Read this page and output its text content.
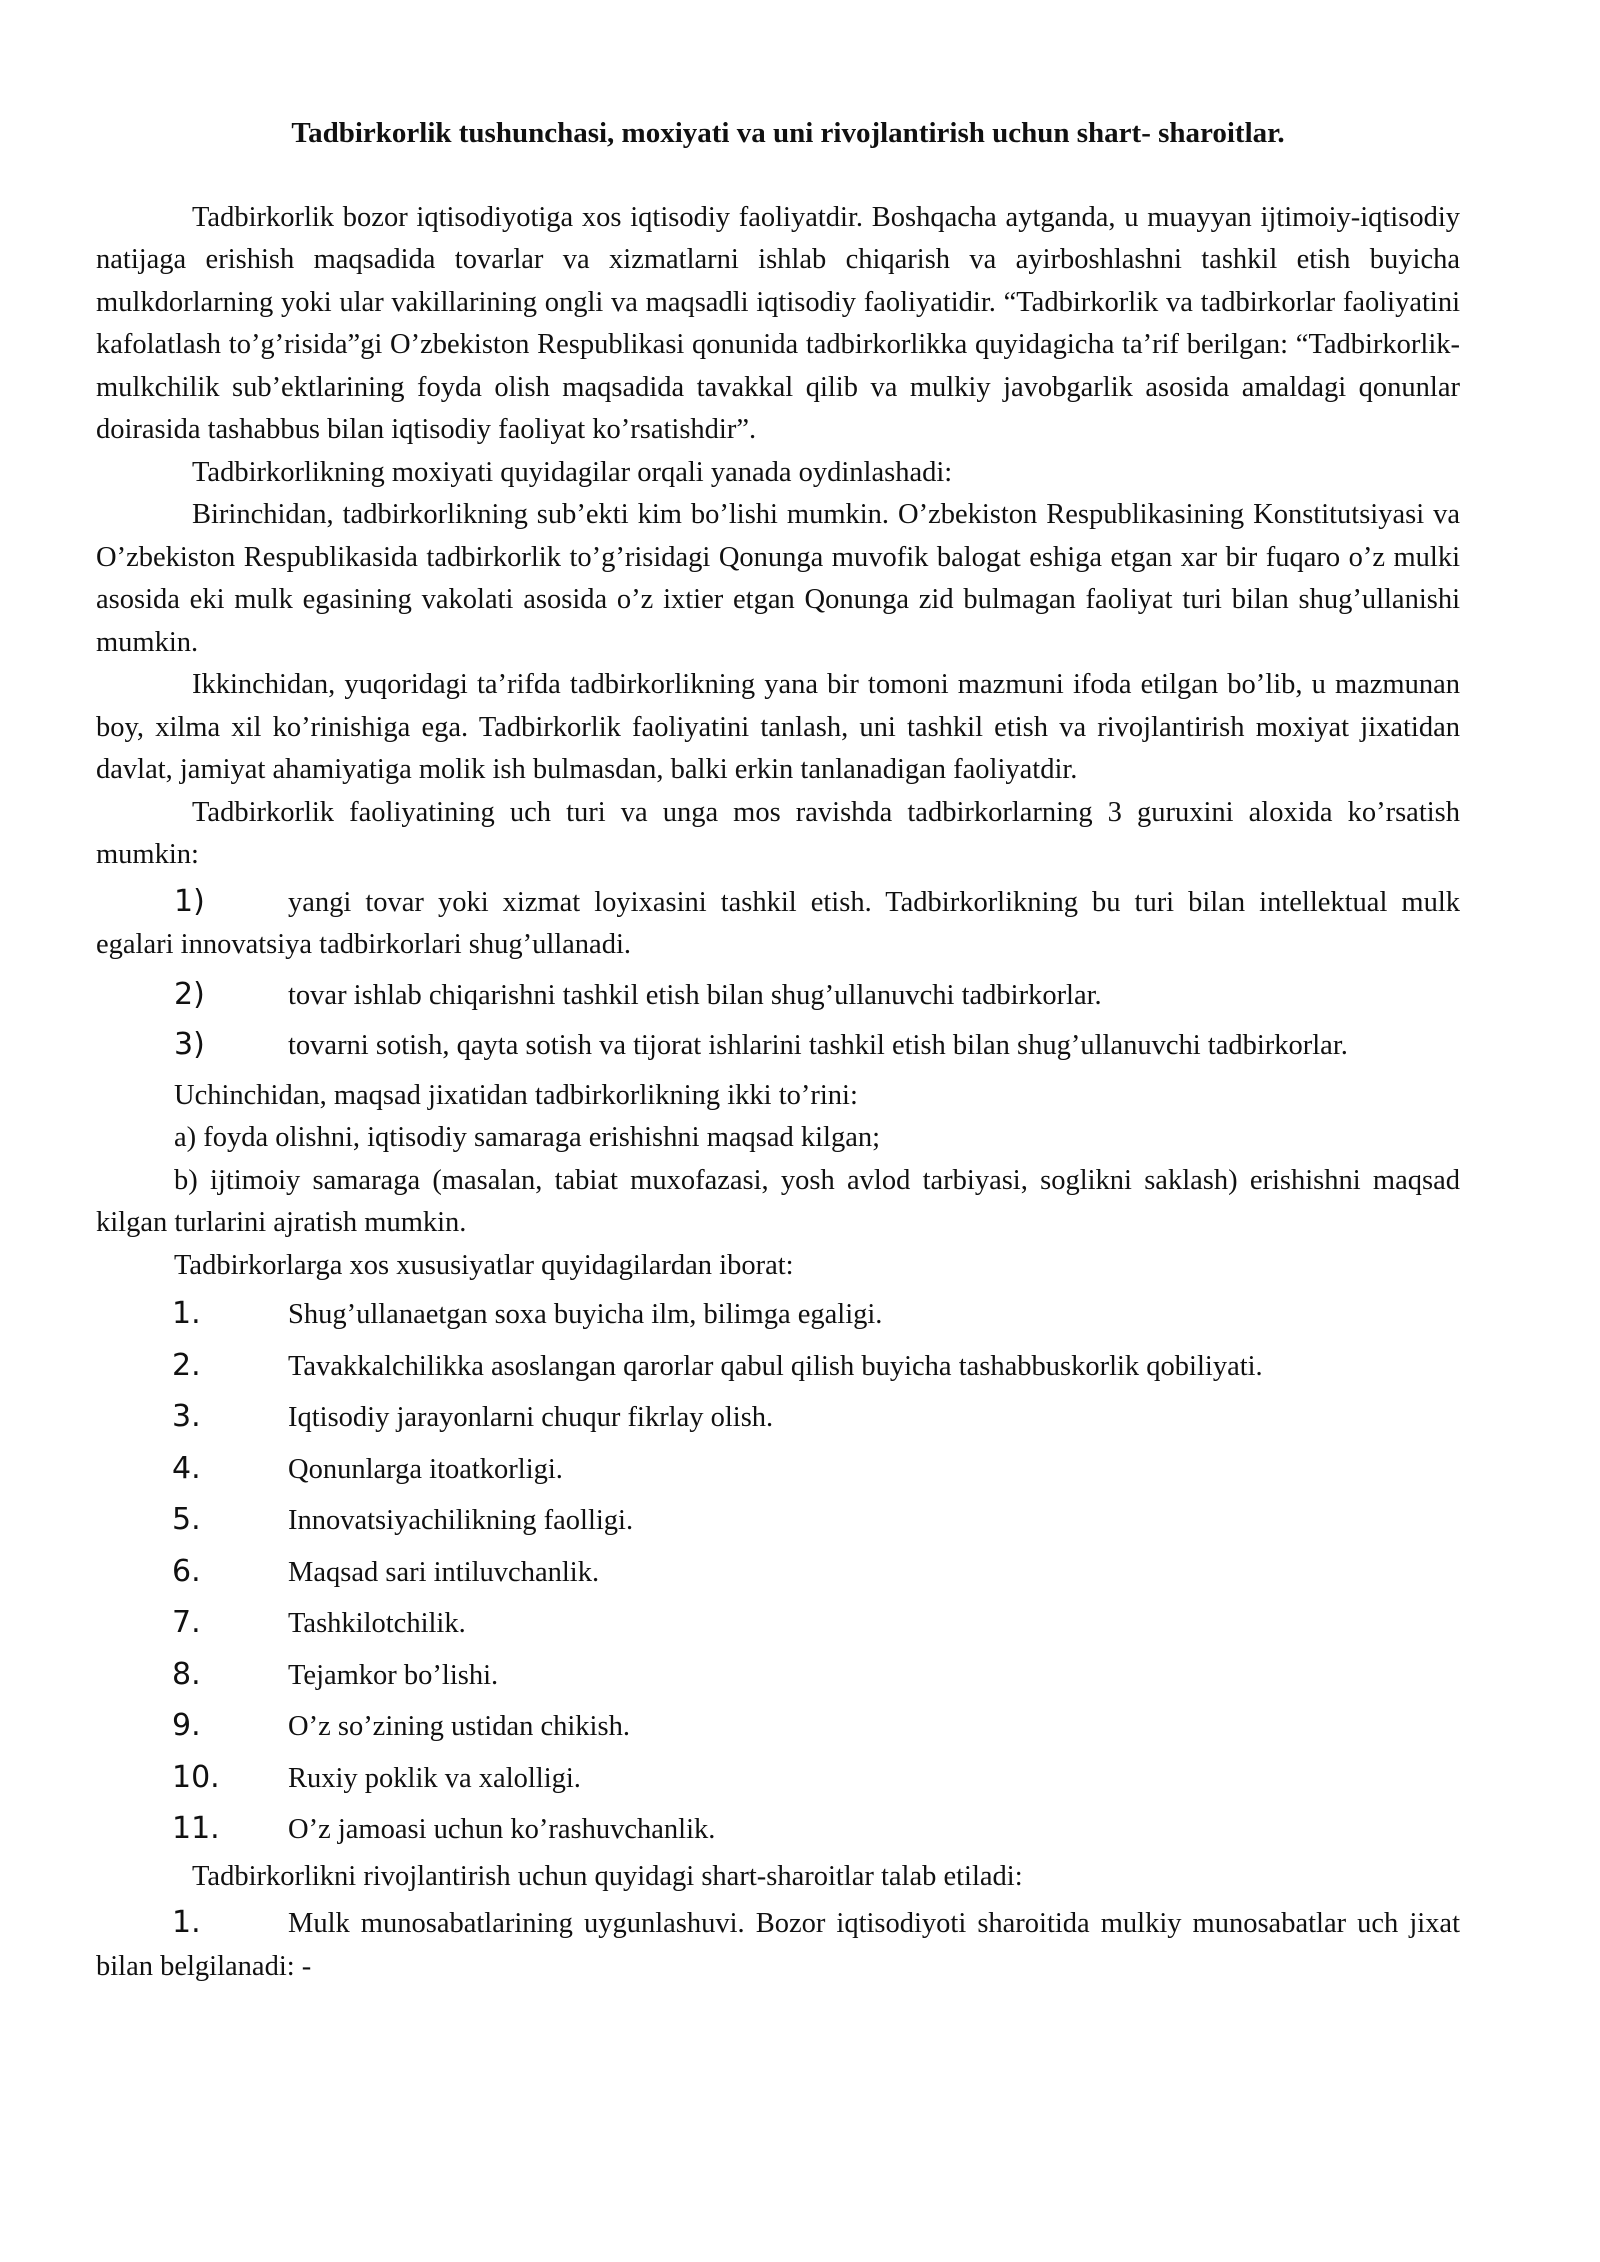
Tadbirkorlik tushunchasi, moxiyati va uni rivojlantirish uchun shart- sharoitlar.

Tadbirkorlik bozor iqtisodiyotiga xos iqtisodiy faoliyatdir. Boshqacha aytganda, u muayyan ijtimoiy-iqtisodiy natijaga erishish maqsadida tovarlar va xizmatlarni ishlab chiqarish va ayirboshlashni tashkil etish buyicha mulkdorlarning yoki ular vakillarining ongli va maqsadli iqtisodiy faoliyatidir. “Tadbirkorlik va tadbirkorlar faoliyatini kafolatlash to’g’risida”gi O’zbekiston Respublikasi qonunida tadbirkorlikka quyidagicha ta’rif berilgan: “Tadbirkorlik-mulkchilik sub’ektlarining foyda olish maqsadida tavakkal qilib va mulkiy javobgarlik asosida amaldagi qonunlar doirasida tashabbus bilan iqtisodiy faoliyat ko’rsatishdir”.

Tadbirkorlikning moxiyati quyidagilar orqali yanada oydinlashadi:

Birinchidan, tadbirkorlikning sub’ekti kim bo’lishi mumkin. O’zbekiston Respublikasining Konstitutsiyasi va O’zbekiston Respublikasida tadbirkorlik to’g’risidagi Qonunga muvofik balogat eshiga etgan xar bir fuqaro o’z mulki asosida eki mulk egasining vakolati asosida o’z ixtier etgan Qonunga zid bulmagan faoliyat turi bilan shug’ullanishi mumkin.

Ikkinchidan, yuqoridagi ta’rifda tadbirkorlikning yana bir tomoni mazmuni ifoda etilgan bo’lib, u mazmunan boy, xilma xil ko’rinishiga ega. Tadbirkorlik faoliyatini tanlash, uni tashkil etish va rivojlantirish moxiyat jixatidan davlat, jamiyat ahamiyatiga molik ish bulmasdan, balki erkin tanlanadigan faoliyatdir.

Tadbirkorlik faoliyatining uch turi va unga mos ravishda tadbirkorlarning 3 guruxini aloxida ko’rsatish mumkin:

1)	yangi tovar yoki xizmat loyixasini tashkil etish. Tadbirkorlikning bu turi bilan intellektual mulk egalari innovatsiya tadbirkorlari shug’ullanadi.

2)	tovar ishlab chiqarishni tashkil etish bilan shug’ullanuvchi tadbirkorlar.

3)	tovarni sotish, qayta sotish va tijorat ishlarini tashkil etish bilan shug’ullanuvchi tadbirkorlar.

Uchinchidan, maqsad jixatidan tadbirkorlikning ikki to’rini:

a) foyda olishni, iqtisodiy samaraga erishishni maqsad kilgan;

b) ijtimoiy samaraga (masalan, tabiat muxofazasi, yosh avlod tarbiyasi, soglikni saklash) erishishni maqsad kilgan turlarini ajratish mumkin.

Tadbirkorlarga xos xususiyatlar quyidagilardan iborat:

1.	Shug’ullanaetgan soxa buyicha ilm, bilimga egaligi.

2.	Tavakkalchilikka asoslangan qarorlar qabul qilish buyicha tashabbuskorlik qobiliyati.

3.	Iqtisodiy jarayonlarni chuqur fikrlay olish.

4.	Qonunlarga itoatkorligi.

5.	Innovatsiyachilikning faolligi.

6.	Maqsad sari intiluvchanlik.

7.	Tashkilotchilik.

8.	Tejamkor bo’lishi.

9.	O’z so’zining ustidan chikish.

10. Ruxiy poklik va xalolligi.

11. O’z jamoasi uchun ko’rashuvchanlik.

Tadbirkorlikni rivojlantirish uchun quyidagi shart-sharoitlar talab etiladi:

1.	Mulk munosabatlarining uygunlashuvi. Bozor iqtisodiyoti sharoitida mulkiy munosabatlar uch jixat bilan belgilanadi: -
